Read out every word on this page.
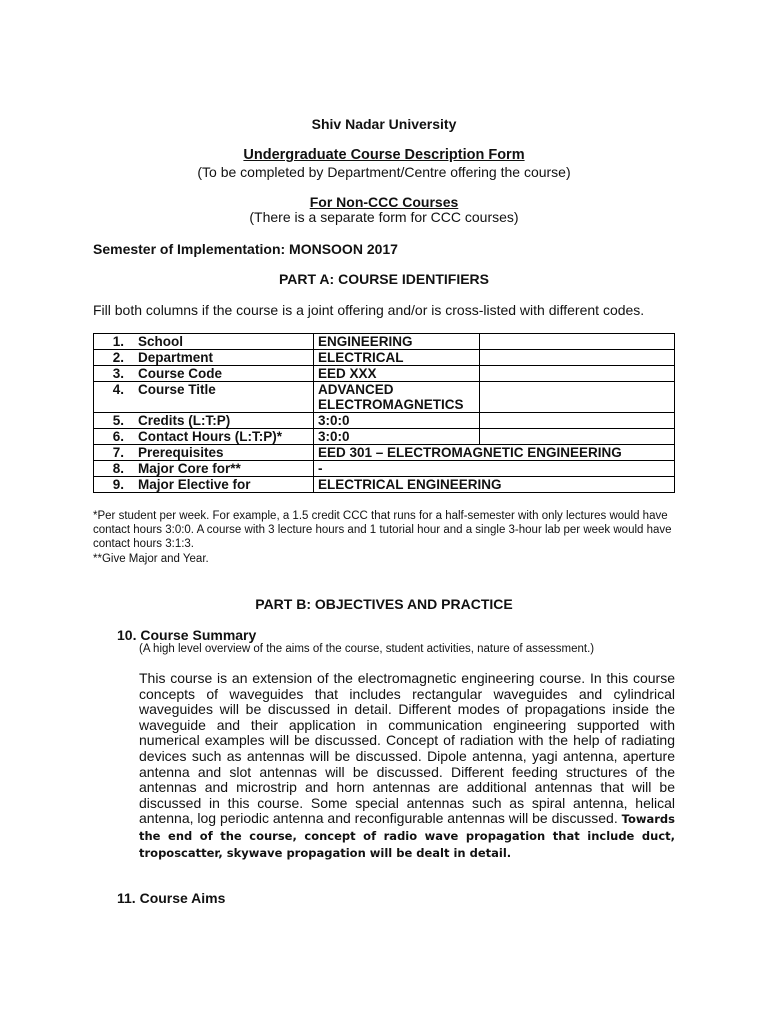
Shiv Nadar University
Undergraduate Course Description Form
(To be completed by Department/Centre offering the course)
For Non-CCC Courses
(There is a separate form for CCC courses)
Semester of Implementation: MONSOON 2017
PART A: COURSE IDENTIFIERS
Fill both columns if the course is a joint offering and/or is cross-listed with different codes.
1. School	ENGINEERING	
2. Department	ELECTRICAL	
3. Course Code	EED XXX	
4. Course Title	ADVANCED ELECTROMAGNETICS	
5. Credits (L:T:P)	3:0:0	
6. Contact Hours (L:T:P)*	3:0:0	
7. Prerequisites	EED 301 – ELECTROMAGNETIC ENGINEERING	
8. Major Core for**	-	
9. Major Elective for	ELECTRICAL ENGINEERING	
*Per student per week. For example, a 1.5 credit CCC that runs for a half-semester with only lectures would have contact hours 3:0:0. A course with 3 lecture hours and 1 tutorial hour and a single 3-hour lab per week would have contact hours 3:1:3.
**Give Major and Year.
PART B: OBJECTIVES AND PRACTICE
10. Course Summary
(A high level overview of the aims of the course, student activities, nature of assessment.)
This course is an extension of the electromagnetic engineering course. In this course concepts of waveguides that includes rectangular waveguides and cylindrical waveguides will be discussed in detail. Different modes of propagations inside the waveguide and their application in communication engineering supported with numerical examples will be discussed. Concept of radiation with the help of radiating devices such as antennas will be discussed. Dipole antenna, yagi antenna, aperture antenna and slot antennas will be discussed. Different feeding structures of the antennas and microstrip and horn antennas are additional antennas that will be discussed in this course. Some special antennas such as spiral antenna, helical antenna, log periodic antenna and reconfigurable antennas will be discussed. Towards the end of the course, concept of radio wave propagation that include duct, troposcatter, skywave propagation will be dealt in detail.
11. Course Aims
